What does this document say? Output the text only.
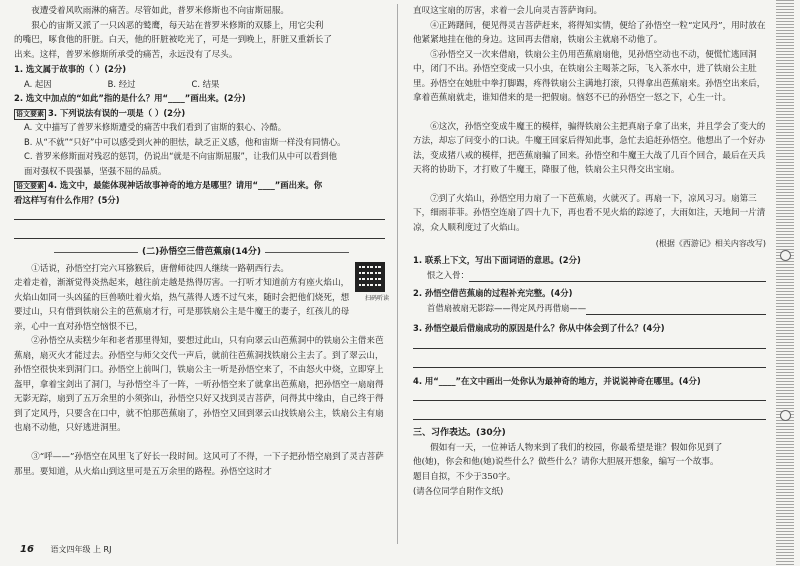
夜遭受着风吹雨淋的痛苦。尽管如此，普罗米修斯也不向宙斯屈服。

狠心的宙斯又派了一只凶恶的鹫鹰，每天站在普罗米修斯的双膝上，用它尖利

的嘴巴，啄食他的肝脏。白天，他的肝脏被吃光了，可是一到晚上，肝脏又重新长了

出来。这样，普罗米修斯所承受的痛苦，永远没有了尽头。

1. 选文属于故事的（ ）(2分)
A. 起因	B. 经过	C. 结果
2. 选文中加点的“如此”指的是什么？用“____”画出来。(2分)
语文要素 3. 下列说法有误的一项是（ ）(2分)
A. 文中描写了普罗米修斯遭受的痛苦中我们看到了宙斯的狠心、冷酷。
B. 从“不就”“只好”中可以感受到火神的胆怯，缺乏正义感，他和宙斯一样没有同情心。
C. 普罗米修斯面对残忍的惩罚，仍说出“就是不向宙斯屈服”，让我们从中可以看到他
面对强权不畏强暴，坚强不屈的品质。
语文要素 4. 选文中，最能体现神话故事神奇的地方是哪里？请用“____”画出来。你
看这样写有什么作用？(5分)
(二)孙悟空三借芭蕉扇(14分)
扫码听读

①话说，孙悟空打完六耳猕猴后，唐僧师徒四人继续一路朝西行去。

走着走着，渐渐觉得炎热起来，越往前走越是热得厉害。一打听才知道前方有座火焰山，火焰山如同一头凶猛的巨兽喷吐着火焰，热气蒸得人透不过气来，随时会把他们烧死，想要过山，只有借到铁扇公主的芭蕉扇才行，可是那铁扇公主是牛魔王的妻子，红孩儿的母亲，心中一直对孙悟空恼恨不已，

②孙悟空从卖糕少年和老者那里得知，要想过此山，只有向翠云山芭蕉洞中的铁扇公主借来芭蕉扇，扇灭火才能过去。孙悟空与师父交代一声后，就前往芭蕉洞找铁扇公主去了。到了翠云山，孙悟空很快来到洞门口。孙悟空上前叫门，铁扇公主一听是孙悟空来了，不由怒火中烧，立即穿上盔甲，拿着宝剑出了洞门，与孙悟空斗了一阵，一听孙悟空来了就拿出芭蕉扇，把孙悟空一扇扇得无影无踪，扇到了五万余里的小须弥山，孙悟空只好又找到灵吉菩萨，问得其中缘由，自己终于得到了定风丹，只要含在口中，就不怕那芭蕉扇了，孙悟空又回到翠云山找铁扇公主，铁扇公主有扇也扇不动他，只好逃进洞里。

③“呼——”孙悟空在风里飞了好长一段时间。这风可了不得，一下子把孙悟空扇到了灵吉菩萨那里。要知道，从火焰山到这里可是五万余里的路程。孙悟空这时才

直叹这宝扇的厉害，求着一会儿向灵吉菩萨询问。

④正踌躇间，便见得灵吉菩萨赶来，将得知实情，便给了孙悟空一粒“定风丹”，用时放在他紧紧地挂在他的身边。这回再去借扇，铁扇公主就扇不动他了。

⑤孙悟空又一次来借扇，铁扇公主仍用芭蕉扇扇他，见孙悟空动也不动，便慌忙逃回洞中，闭门不出。孙悟空变成一只小虫，在铁扇公主喝茶之际，飞入茶水中，进了铁扇公主肚里。孙悟空在她肚中拳打脚踢，疼得铁扇公主满地打滚，只得拿出芭蕉扇来。孙悟空出来后，拿着芭蕉扇就走，谁知借来的是一把假扇。恼怒不已的孙悟空一怒之下，心生一计。

⑥这次，孙悟空变成牛魔王的模样，骗得铁扇公主把真扇子拿了出来，并且学会了变大的方法，却忘了问变小的口诀。牛魔王回家后得知此事，急忙去追赶孙悟空。他想出了一个好办法，变成猪八戒的模样，把芭蕉扇骗了回来。孙悟空和牛魔王大战了几百个回合，最后在天兵天将的协助下，才打败了牛魔王，降服了他，铁扇公主只得交出宝扇。

⑦到了火焰山，孙悟空用力扇了一下芭蕉扇，火就灭了。再扇一下，凉风习习。扇第三下，细雨菲菲。孙悟空连扇了四十九下，再也看不见火焰的踪迹了，大雨如注，天地间一片清凉，众人顺利度过了火焰山。

(根据《西游记》相关内容改写)
1. 联系上下文，写出下面词语的意思。(2分)
恨之入骨：
2. 孙悟空借芭蕉扇的过程补充完整。(4分)
首借扇被扇无影踪——得定风丹再借扇——
3. 孙悟空最后借扇成功的原因是什么？你从中体会到了什么？(4分)
4. 用“____”在文中画出一处你认为最神奇的地方，并说说神奇在哪里。(4分)
三、习作表达。(30分)

假如有一天，一位神话人物来到了我们的校园，你最希望是谁？假如你见到了

他(她)，你会和他(她)说些什么？做些什么？请你大胆展开想象，编写一个故事。

题目自拟，不少于350字。

(请各位同学自附作文纸)

16 语文四年级 上 RJ
